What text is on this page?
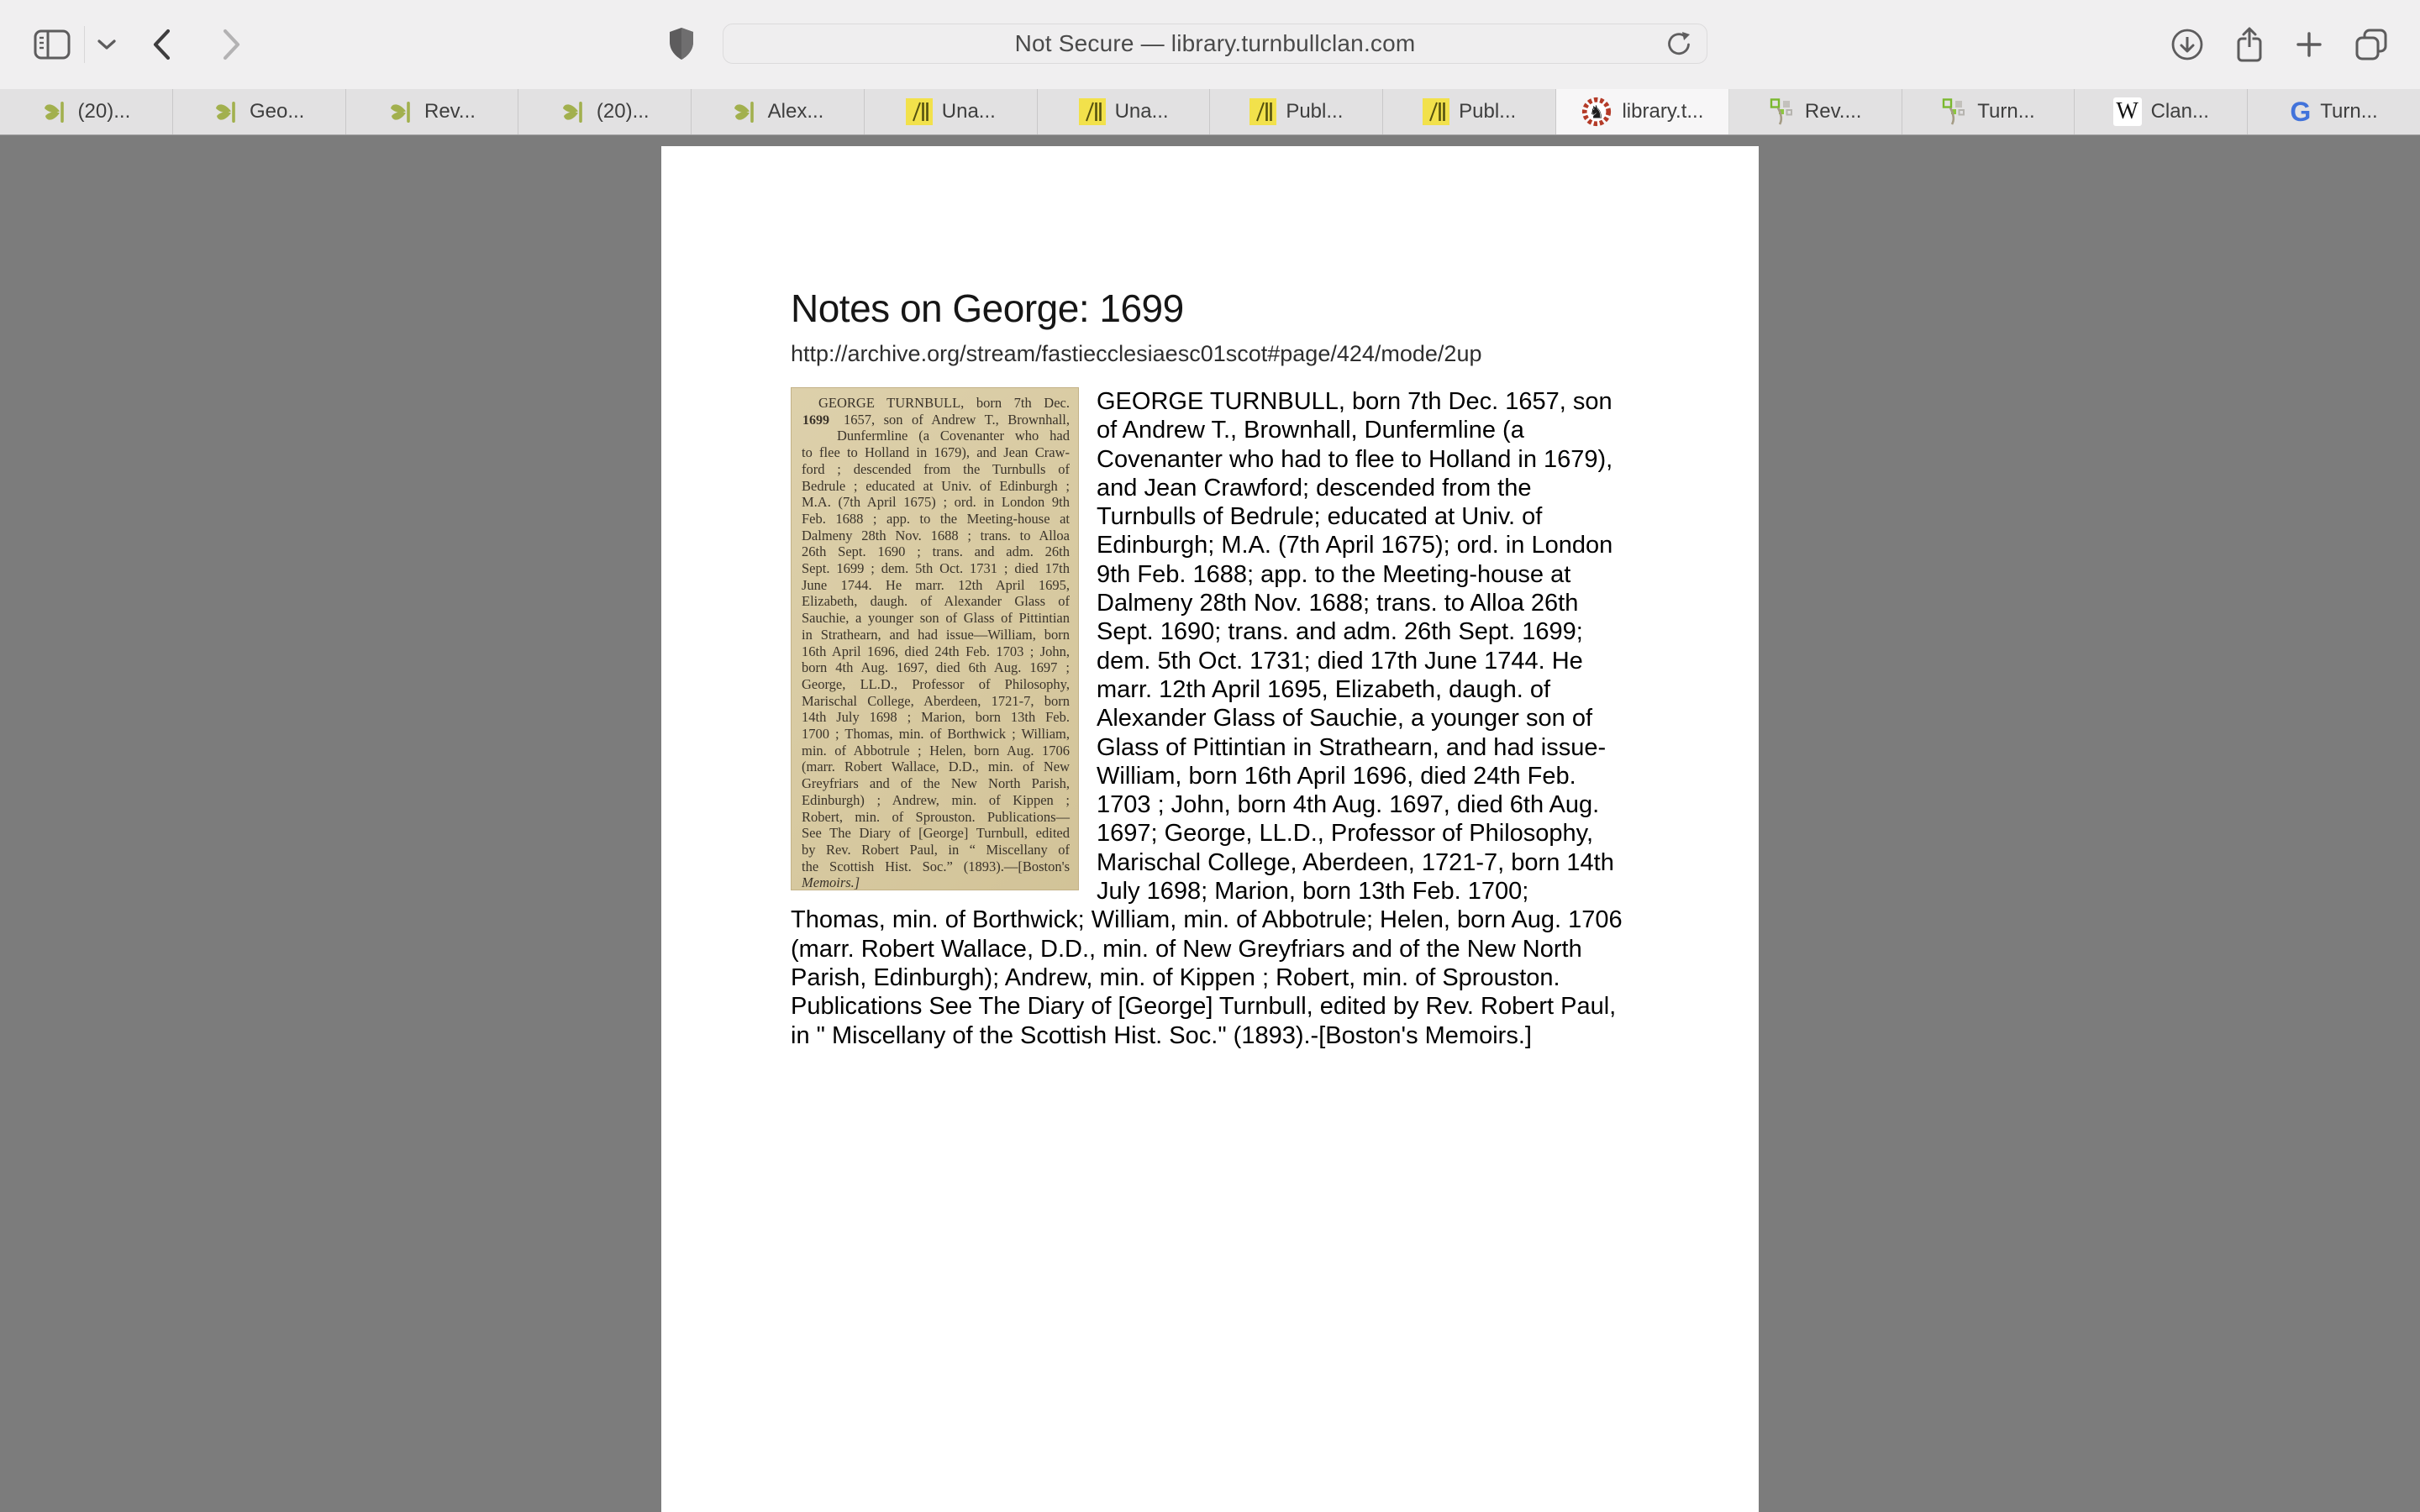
Not Secure — library.turnbullclan.com
(20)...	Geo...	Rev...	(20)...	Alex...	Una...	Una...	Publ...	Publ...	♞ library.t...	Rev....	Turn...	W Clan...	G Turn...
Notes on George: 1699
http://archive.org/stream/fastiecclesiaesc01scot#page/424/mode/2up
1699
GEORGE TURNBULL, born 7th Dec.
1657, son of Andrew T., Brownhall,
Dunfermline (a Covenanter who had
to flee to Holland in 1679), and Jean Craw-
ford ; descended from the Turnbulls of
Bedrule ; educated at Univ. of Edinburgh ;
M.A. (7th April 1675) ; ord. in London 9th
Feb. 1688 ; app. to the Meeting-house at
Dalmeny 28th Nov. 1688 ; trans. to Alloa
26th Sept. 1690 ; trans. and adm. 26th
Sept. 1699 ; dem. 5th Oct. 1731 ; died 17th
June 1744. He marr. 12th April 1695,
Elizabeth, daugh. of Alexander Glass of
Sauchie, a younger son of Glass of Pittintian
in Strathearn, and had issue—William, born
16th April 1696, died 24th Feb. 1703 ; John,
born 4th Aug. 1697, died 6th Aug. 1697 ;
George, LL.D., Professor of Philosophy,
Marischal College, Aberdeen, 1721-7, born
14th July 1698 ; Marion, born 13th Feb.
1700 ; Thomas, min. of Borthwick ; William,
min. of Abbotrule ; Helen, born Aug. 1706
(marr. Robert Wallace, D.D., min. of New
Greyfriars and of the New North Parish,
Edinburgh) ; Andrew, min. of Kippen ;
Robert, min. of Sprouston. Publications—
See The Diary of [George] Turnbull, edited
by Rev. Robert Paul, in “ Miscellany of
the Scottish Hist. Soc.” (1893).—[Boston's
Memoirs.]

GEORGE TURNBULL, born 7th Dec. 1657, son of Andrew T., Brownhall, Dunfermline (a Covenanter who had to flee to Holland in 1679), and Jean Crawford; descended from the Turnbulls of Bedrule; educated at Univ. of Edinburgh; M.A. (7th April 1675); ord. in London 9th Feb. 1688; app. to the Meeting-house at Dalmeny 28th Nov. 1688; trans. to Alloa 26th Sept. 1690; trans. and adm. 26th Sept. 1699; dem. 5th Oct. 1731; died 17th June 1744. He marr. 12th April 1695, Elizabeth, daugh. of Alexander Glass of Sauchie, a younger son of Glass of Pittintian in Strathearn, and had issue-William, born 16th April 1696, died 24th Feb. 1703 ; John, born 4th Aug. 1697, died 6th Aug. 1697; George, LL.D., Professor of Philosophy, Marischal College, Aberdeen, 1721-7, born 14th July 1698; Marion, born 13th Feb. 1700; Thomas, min. of Borthwick; William, min. of Abbotrule; Helen, born Aug. 1706 (marr. Robert Wallace, D.D., min. of New Greyfriars and of the New North Parish, Edinburgh); Andrew, min. of Kippen ; Robert, min. of Sprouston. Publications See The Diary of [George] Turnbull, edited by Rev. Robert Paul, in " Miscellany of the Scottish Hist. Soc." (1893).-[Boston's Memoirs.]
